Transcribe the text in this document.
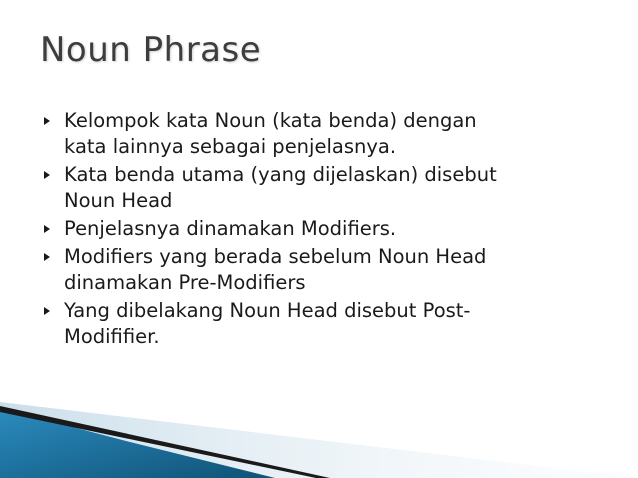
Noun Phrase
Kelompok kata Noun (kata benda) dengan
kata lainnya sebagai penjelasnya.
Kata benda utama (yang dijelaskan) disebut
Noun Head
Penjelasnya dinamakan Modifiers.
Modifiers yang berada sebelum Noun Head
dinamakan Pre-Modifiers
Yang dibelakang Noun Head disebut Post-
Modififier.
